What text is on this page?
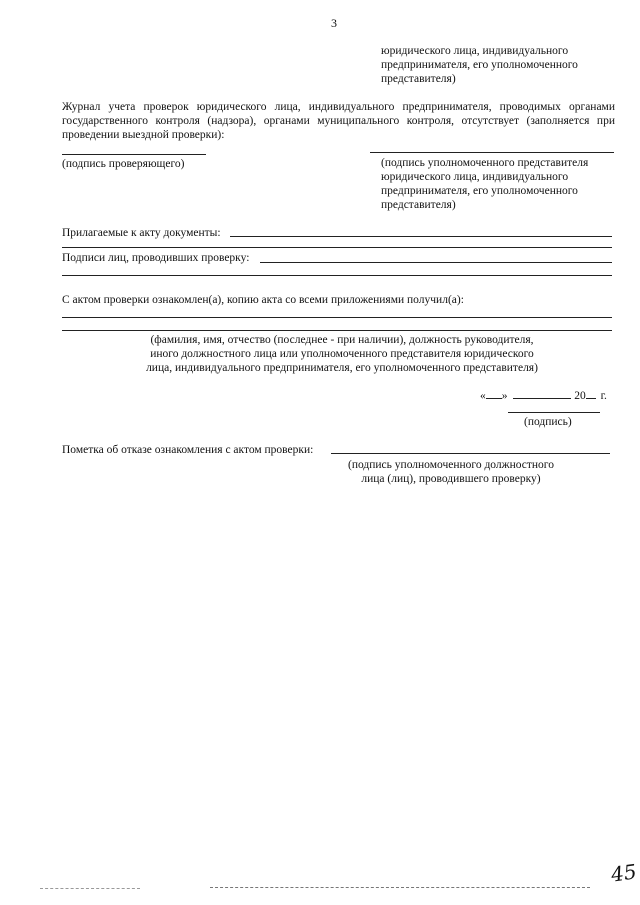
3
юридического лица, индивидуального
предпринимателя, его уполномоченного
представителя)
Журнал учета проверок юридического лица, индивидуального предпринимателя, проводимых органами
государственного контроля (надзора), органами муниципального контроля, отсутствует (заполняется при
проведении выездной проверки):
(подпись проверяющего)	(подпись уполномоченного представителя
юридического лица, индивидуального
предпринимателя, его уполномоченного
представителя)
Прилагаемые к акту документы:
Подписи лиц, проводивших проверку:
С актом проверки ознакомлен(а), копию акта со всеми приложениями получил(а):
(фамилия, имя, отчество (последнее - при наличии), должность руководителя,
иного должностного лица или уполномоченного представителя юридического
лица, индивидуального предпринимателя, его уполномоченного представителя)
« »	20 г.
(подпись)
Пометка об отказе ознакомления с актом проверки:
(подпись уполномоченного должностного
лица (лиц), проводившего проверку)
45
